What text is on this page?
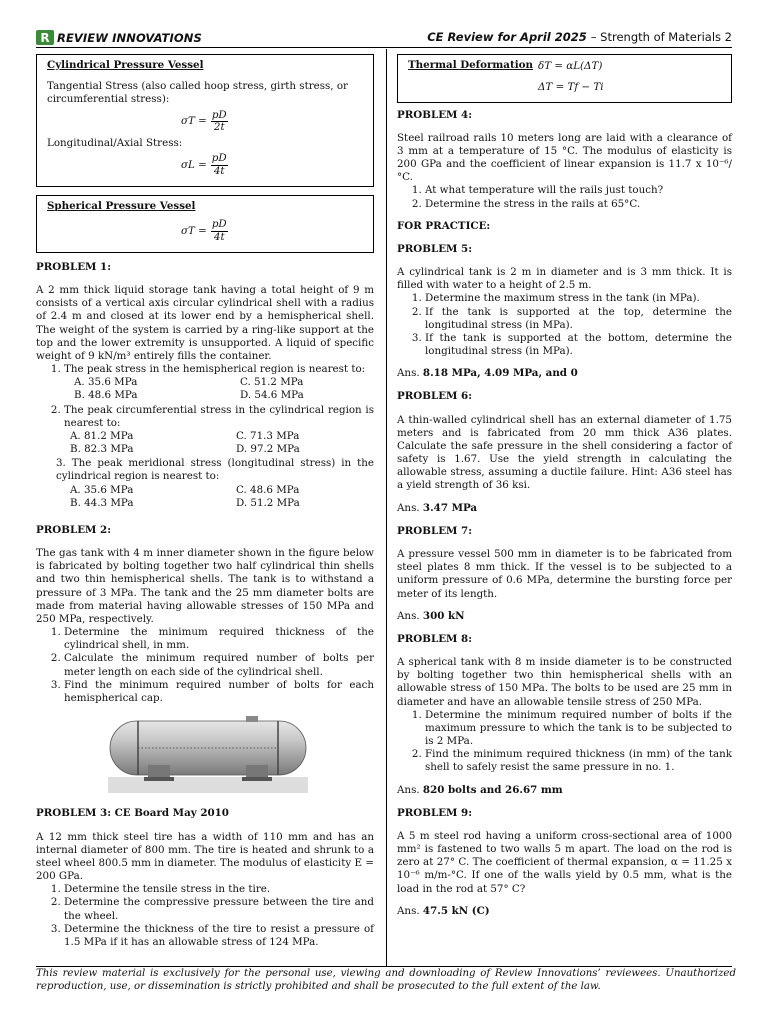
R REVIEW INNOVATIONS	CE Review for April 2025 – Strength of Materials 2
Cylindrical Pressure Vessel
Tangential Stress (also called hoop stress, girth stress, or circumferential stress):
$\sigma T = \frac{pD}{2t}$
Longitudinal/Axial Stress:
$\sigma L = \frac{pD}{4t}$
Spherical Pressure Vessel
$\sigma T = \frac{pD}{4t}$
PROBLEM 1:

A 2 mm thick liquid storage tank having a total height of 9 m consists of a vertical axis circular cylindrical shell with a radius of 2.4 m and closed at its lower end by a hemispherical shell. The weight of the system is carried by a ring-like support at the top and the lower extremity is unsupported. A liquid of specific weight of 9 kN/m³ entirely fills the container.

1. The peak stress in the hemispherical region is nearest to:
A. 35.6 MPa	C. 51.2 MPa
B. 48.6 MPa	D. 54.6 MPa
2. The peak circumferential stress in the cylindrical region is nearest to:
A. 81.2 MPa	C. 71.3 MPa
B. 82.3 MPa	D. 97.2 MPa
3. The peak meridional stress (longitudinal stress) in the cylindrical region is nearest to:
A. 35.6 MPa	C. 48.6 MPa
B. 44.3 MPa	D. 51.2 MPa
PROBLEM 2:

The gas tank with 4 m inner diameter shown in the figure below is fabricated by bolting together two half cylindrical thin shells and two thin hemispherical shells. The tank is to withstand a pressure of 3 MPa. The tank and the 25 mm diameter bolts are made from material having allowable stresses of 150 MPa and 250 MPa, respectively.

1. Determine the minimum required thickness of the cylindrical shell, in mm.
2. Calculate the minimum required number of bolts per meter length on each side of the cylindrical shell.
3. Find the minimum required number of bolts for each hemispherical cap.
PROBLEM 3: CE Board May 2010

A 12 mm thick steel tire has a width of 110 mm and has an internal diameter of 800 mm. The tire is heated and shrunk to a steel wheel 800.5 mm in diameter. The modulus of elasticity E = 200 GPa.

1. Determine the tensile stress in the tire.
2. Determine the compressive pressure between the tire and the wheel.
3. Determine the thickness of the tire to resist a pressure of 1.5 MPa if it has an allowable stress of 124 MPa.
Thermal Deformation δT = αL(ΔT)
ΔT = Tf − Ti
PROBLEM 4:

Steel railroad rails 10 meters long are laid with a clearance of 3 mm at a temperature of 15 °C. The modulus of elasticity is 200 GPa and the coefficient of linear expansion is 11.7 x 10⁻⁶/°C.

1. At what temperature will the rails just touch?
2. Determine the stress in the rails at 65°C.
FOR PRACTICE:
PROBLEM 5:

A cylindrical tank is 2 m in diameter and is 3 mm thick. It is filled with water to a height of 2.5 m.

1. Determine the maximum stress in the tank (in MPa).
2. If the tank is supported at the top, determine the longitudinal stress (in MPa).
3. If the tank is supported at the bottom, determine the longitudinal stress (in MPa).
Ans. 8.18 MPa, 4.09 MPa, and 0
PROBLEM 6:

A thin-walled cylindrical shell has an external diameter of 1.75 meters and is fabricated from 20 mm thick A36 plates. Calculate the safe pressure in the shell considering a factor of safety is 1.67. Use the yield strength in calculating the allowable stress, assuming a ductile failure. Hint: A36 steel has a yield strength of 36 ksi.

Ans. 3.47 MPa
PROBLEM 7:

A pressure vessel 500 mm in diameter is to be fabricated from steel plates 8 mm thick. If the vessel is to be subjected to a uniform pressure of 0.6 MPa, determine the bursting force per meter of its length.

Ans. 300 kN
PROBLEM 8:

A spherical tank with 8 m inside diameter is to be constructed by bolting together two thin hemispherical shells with an allowable stress of 150 MPa. The bolts to be used are 25 mm in diameter and have an allowable tensile stress of 250 MPa.

1. Determine the minimum required number of bolts if the maximum pressure to which the tank is to be subjected to is 2 MPa.
2. Find the minimum required thickness (in mm) of the tank shell to safely resist the same pressure in no. 1.
Ans. 820 bolts and 26.67 mm
PROBLEM 9:

A 5 m steel rod having a uniform cross-sectional area of 1000 mm² is fastened to two walls 5 m apart. The load on the rod is zero at 27° C. The coefficient of thermal expansion, α = 11.25 x 10⁻⁶ m/m-°C. If one of the walls yield by 0.5 mm, what is the load in the rod at 57° C?

Ans. 47.5 kN (C)
This review material is exclusively for the personal use, viewing and downloading of Review Innovations’ reviewees. Unauthorized reproduction, use, or dissemination is strictly prohibited and shall be prosecuted to the full extent of the law.
